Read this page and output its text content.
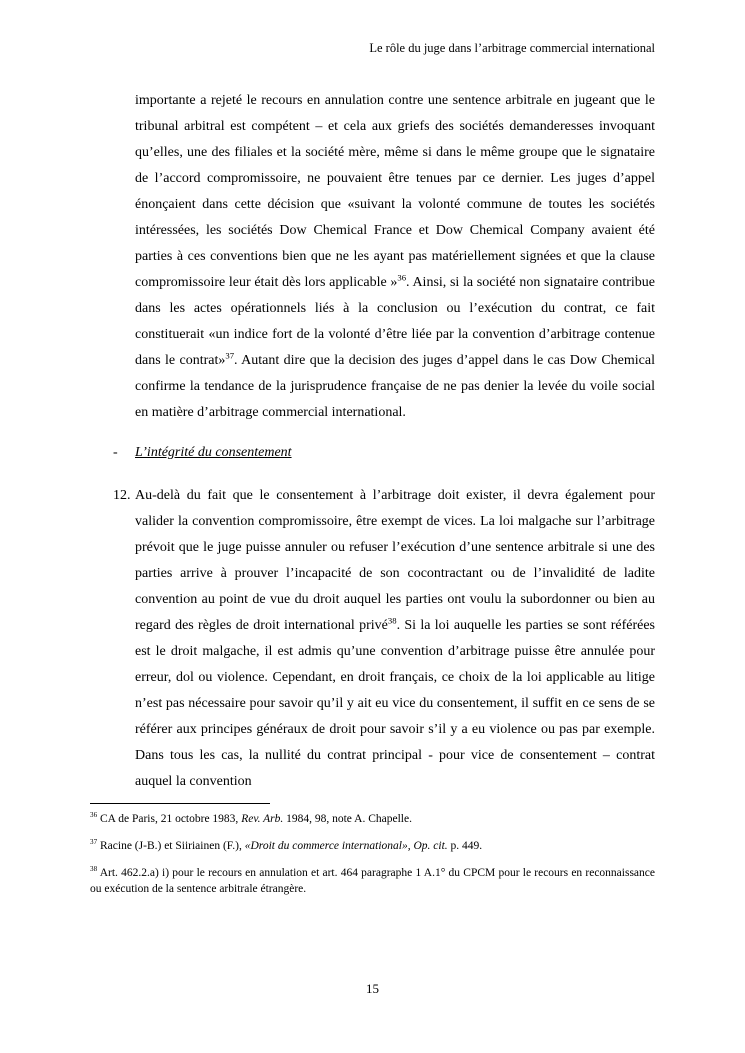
Le rôle du juge dans l’arbitrage commercial international

importante a rejeté le recours en annulation contre une sentence arbitrale en jugeant que le tribunal arbitral est compétent – et cela aux griefs des sociétés demanderesses invoquant qu’elles, une des filiales et la société mère, même si dans le même groupe que le signataire de l’accord compromissoire, ne pouvaient être tenues par ce dernier. Les juges d’appel énonçaient dans cette décision que «suivant la volonté commune de toutes les sociétés intéressées, les sociétés Dow Chemical France et Dow Chemical Company avaient été parties à ces conventions bien que ne les ayant pas matériellement signées et que la clause compromissoire leur était dès lors applicable »$^{36}$. Ainsi, si la société non signataire contribue dans les actes opérationnels liés à la conclusion ou l’exécution du contrat, ce fait constituerait «un indice fort de la volonté d’être liée par la convention d’arbitrage contenue dans le contrat»$^{37}$. Autant dire que la decision des juges d’appel dans le cas Dow Chemical confirme la tendance de la jurisprudence française de ne pas denier la levée du voile social en matière d’arbitrage commercial international.

-	L’intégrité du consentement
12. Au-delà du fait que le consentement à l’arbitrage doit exister, il devra également pour valider la convention compromissoire, être exempt de vices. La loi malgache sur l’arbitrage prévoit que le juge puisse annuler ou refuser l’exécution d’une sentence arbitrale si une des parties arrive à prouver l’incapacité de son cocontractant ou de l’invalidité de ladite convention au point de vue du droit auquel les parties ont voulu la subordonner ou bien au regard des règles de droit international privé$^{38}$. Si la loi auquelle les parties se sont référées est le droit malgache, il est admis qu’une convention d’arbitrage puisse être annulée pour erreur, dol ou violence. Cependant, en droit français, ce choix de la loi applicable au litige n’est pas nécessaire pour savoir qu’il y ait eu vice du consentement, il suffit en ce sens de se référer aux principes généraux de droit pour savoir s’il y a eu violence ou pas par exemple. Dans tous les cas, la nullité du contrat principal - pour vice de consentement – contrat auquel la convention

$^{36}$ CA de Paris, 21 octobre 1983, Rev. Arb. 1984, 98, note A. Chapelle.

$^{37}$ Racine (J-B.) et Siiriainen (F.), «Droit du commerce international», Op. cit. p. 449.

$^{38}$ Art. 462.2.a) i) pour le recours en annulation et art. 464 paragraphe 1 A.1° du CPCM pour le recours en reconnaissance ou exécution de la sentence arbitrale étrangère.

15
